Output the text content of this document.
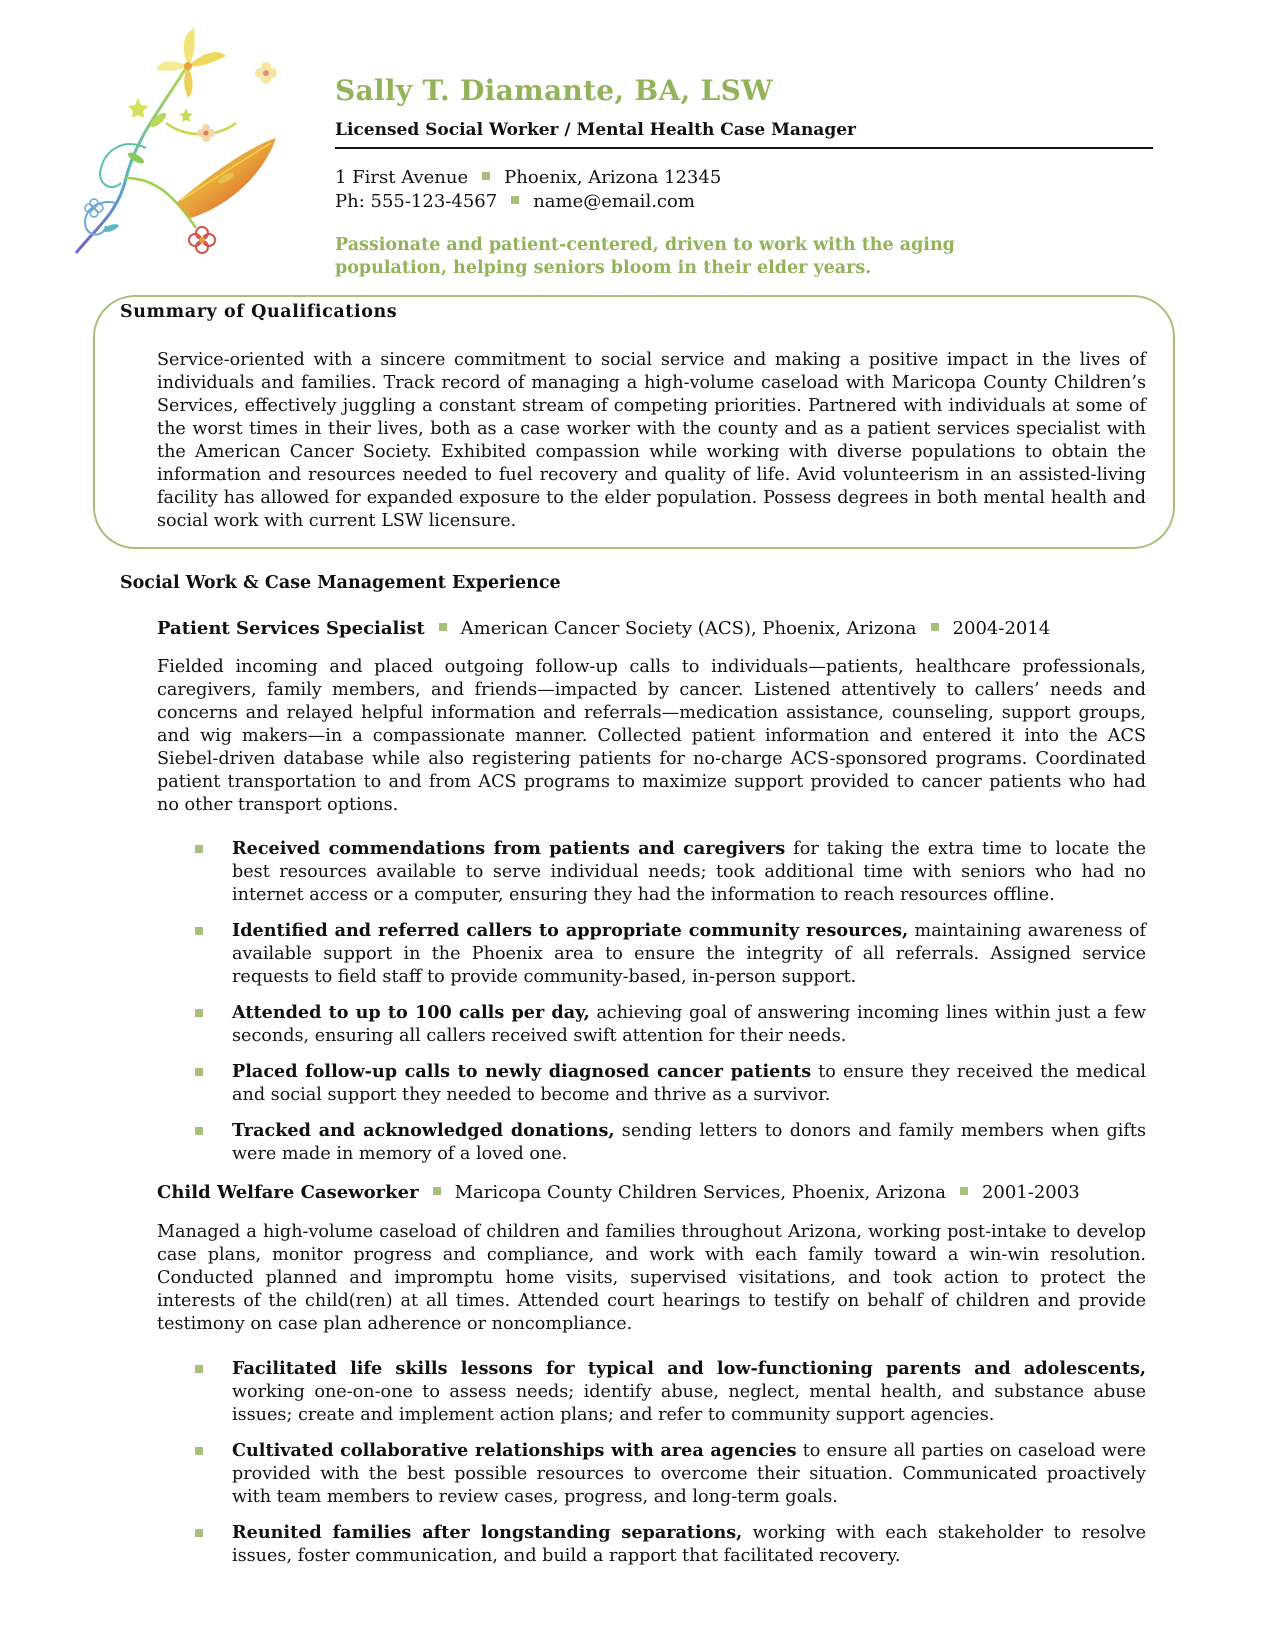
Sally T. Diamante, BA, LSW
Licensed Social Worker / Mental Health Case Manager
1 First Avenue Phoenix, Arizona 12345
Ph: 555-123-4567 name@email.com
Passionate and patient-centered, driven to work with the aging population, helping seniors bloom in their elder years.
Summary of Qualifications

Service-oriented with a sincere commitment to social service and making a positive impact in the lives of individuals and families. Track record of managing a high-volume caseload with Maricopa County Children’s Services, effectively juggling a constant stream of competing priorities. Partnered with individuals at some of the worst times in their lives, both as a case worker with the county and as a patient services specialist with the American Cancer Society. Exhibited compassion while working with diverse populations to obtain the information and resources needed to fuel recovery and quality of life. Avid volunteerism in an assisted-living facility has allowed for expanded exposure to the elder population. Possess degrees in both mental health and social work with current LSW licensure.

Social Work & Case Management Experience
Patient Services Specialist American Cancer Society (ACS), Phoenix, Arizona 2004-2014

Fielded incoming and placed outgoing follow-up calls to individuals—patients, healthcare professionals, caregivers, family members, and friends—impacted by cancer. Listened attentively to callers’ needs and concerns and relayed helpful information and referrals—medication assistance, counseling, support groups, and wig makers—in a compassionate manner. Collected patient information and entered it into the ACS Siebel-driven database while also registering patients for no-charge ACS-sponsored programs. Coordinated patient transportation to and from ACS programs to maximize support provided to cancer patients who had no other transport options.

Received commendations from patients and caregivers for taking the extra time to locate the best resources available to serve individual needs; took additional time with seniors who had no internet access or a computer, ensuring they had the information to reach resources offline.
Identified and referred callers to appropriate community resources, maintaining awareness of available support in the Phoenix area to ensure the integrity of all referrals. Assigned service requests to field staff to provide community-based, in-person support.
Attended to up to 100 calls per day, achieving goal of answering incoming lines within just a few seconds, ensuring all callers received swift attention for their needs.
Placed follow-up calls to newly diagnosed cancer patients to ensure they received the medical and social support they needed to become and thrive as a survivor.
Tracked and acknowledged donations, sending letters to donors and family members when gifts were made in memory of a loved one.
Child Welfare Caseworker Maricopa County Children Services, Phoenix, Arizona 2001-2003

Managed a high-volume caseload of children and families throughout Arizona, working post-intake to develop case plans, monitor progress and compliance, and work with each family toward a win-win resolution. Conducted planned and impromptu home visits, supervised visitations, and took action to protect the interests of the child(ren) at all times. Attended court hearings to testify on behalf of children and provide testimony on case plan adherence or noncompliance.

Facilitated life skills lessons for typical and low-functioning parents and adolescents, working one-on-one to assess needs; identify abuse, neglect, mental health, and substance abuse issues; create and implement action plans; and refer to community support agencies.
Cultivated collaborative relationships with area agencies to ensure all parties on caseload were provided with the best possible resources to overcome their situation. Communicated proactively with team members to review cases, progress, and long-term goals.
Reunited families after longstanding separations, working with each stakeholder to resolve issues, foster communication, and build a rapport that facilitated recovery.
